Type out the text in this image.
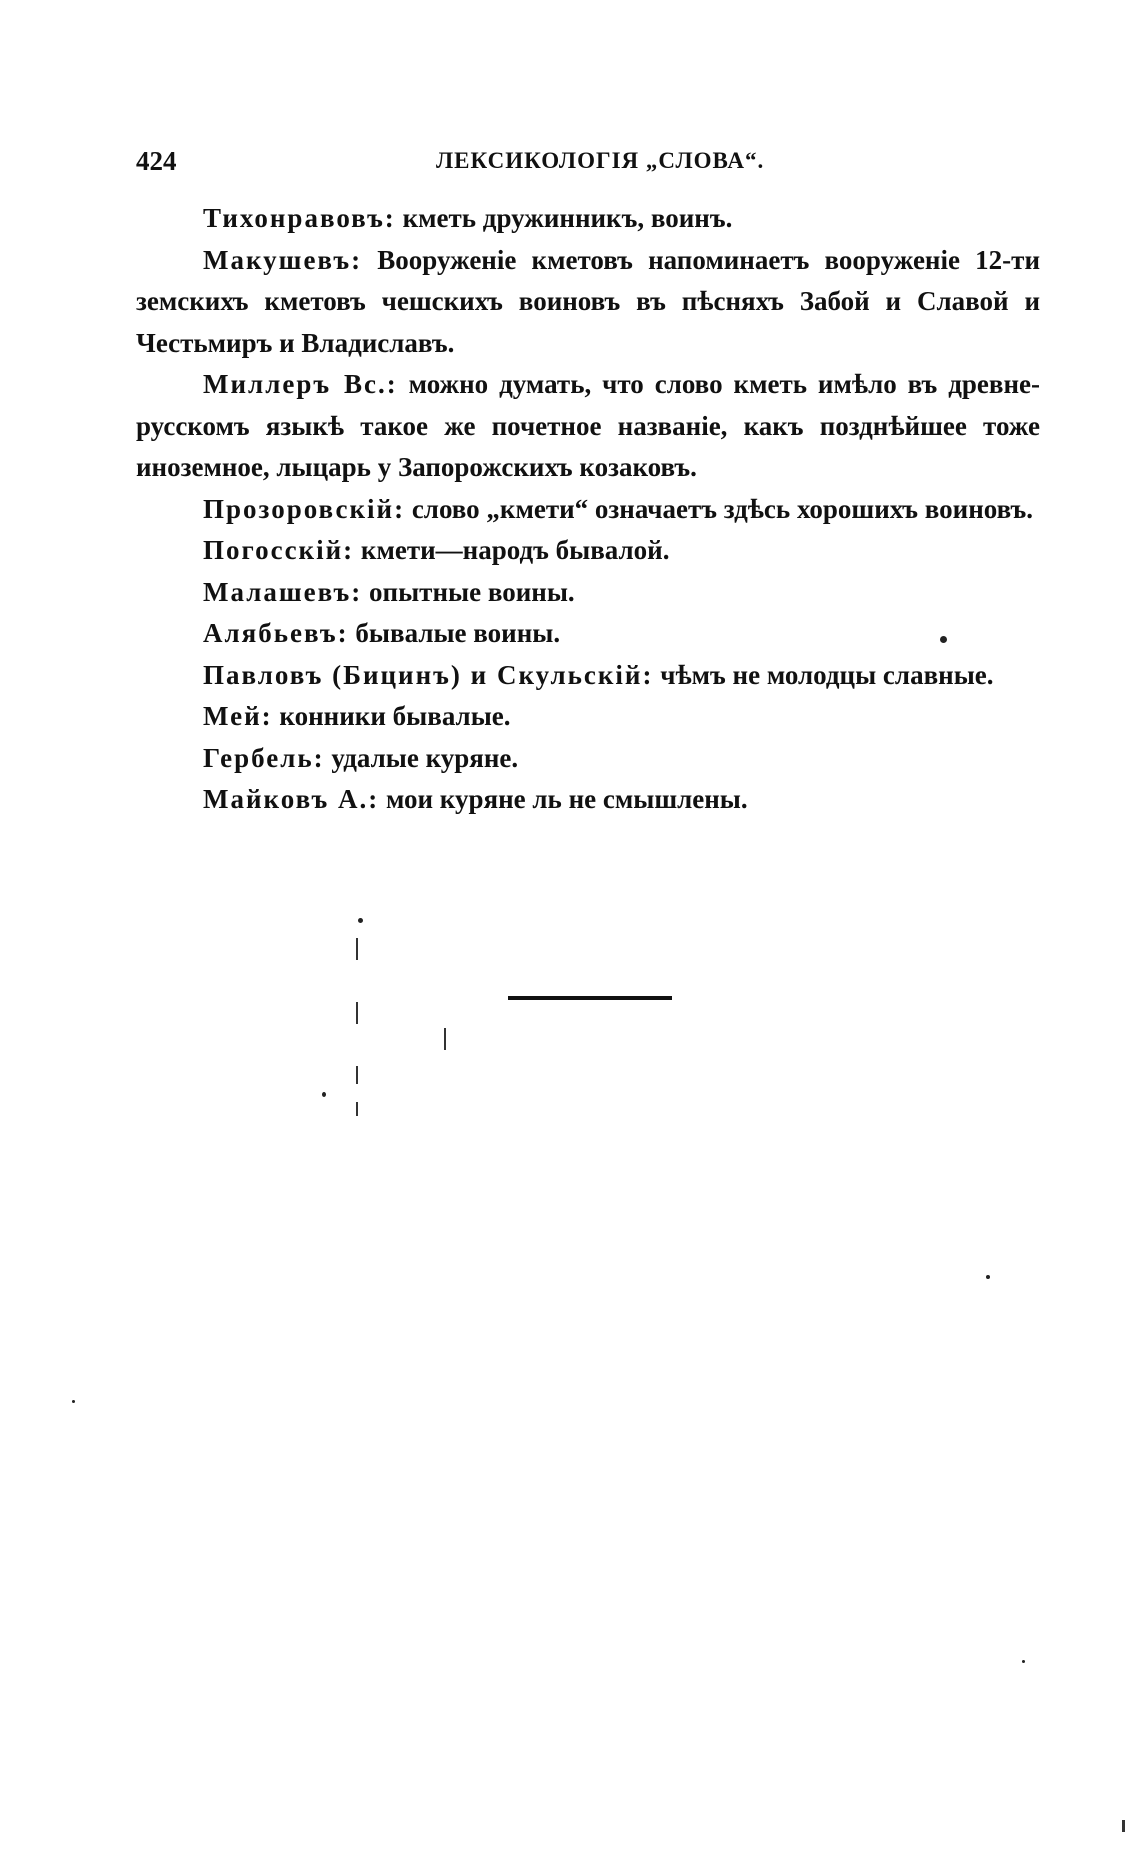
424	ЛЕКСИКОЛОГIЯ „СЛОВА“.

Тихонравовъ: кметь дружинникъ, воинъ.

Макушевъ: Вооруженіе кметовъ напоминаетъ вооруженіе 12-ти земскихъ кметовъ чешскихъ воиновъ въ пѣсняхъ Забой и Славой и Честьмиръ и Владиславъ.

Миллеръ Вс.: можно думать, что слово кметь имѣло въ древне-русскомъ языкѣ такое же почетное названіе, какъ позднѣйшее тоже иноземное, лыцарь у Запорожскихъ козаковъ.

Прозоровскій: слово „кмети“ означаетъ здѣсь хорошихъ воиновъ.

Погосскій: кмети—народъ бывалой.

Малашевъ: опытные воины.

Алябьевъ: бывалые воины.

Павловъ (Бицинъ) и Скульскій: чѣмъ не молодцы славные.

Мей: конники бывалые.

Гербель: удалые куряне.

Майковъ А.: мои куряне ль не смышлены.
